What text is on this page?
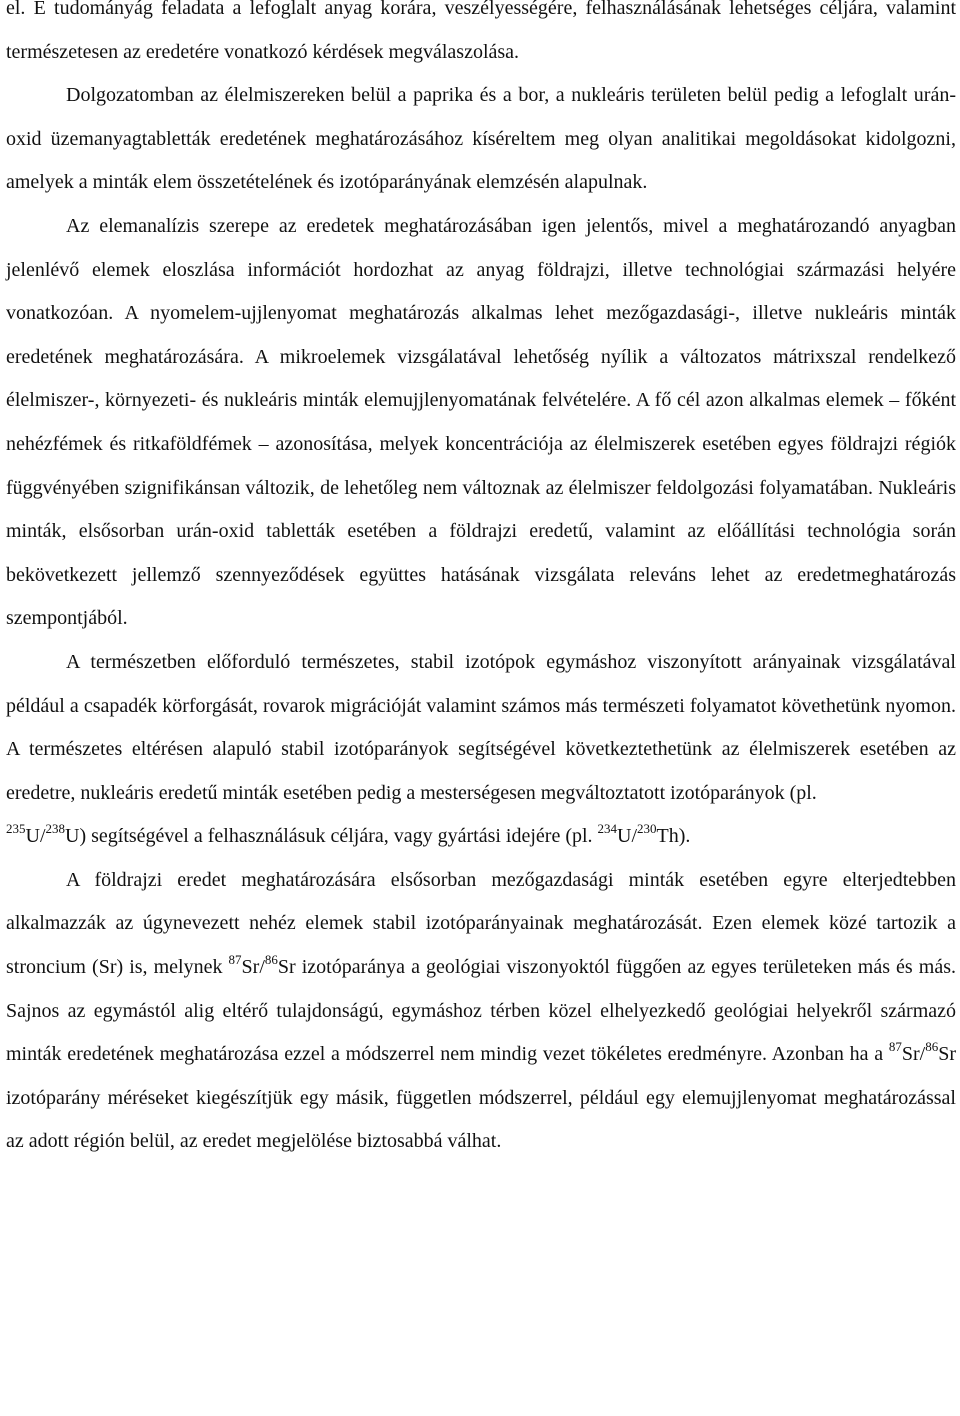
el. E tudományág feladata a lefoglalt anyag korára, veszélyességére, felhasználásának lehetséges céljára, valamint természetesen az eredetére vonatkozó kérdések megválaszolása.

Dolgozatomban az élelmiszereken belül a paprika és a bor, a nukleáris területen belül pedig a lefoglalt urán-oxid üzemanyagtabletták eredetének meghatározásához kíséreltem meg olyan analitikai megoldásokat kidolgozni, amelyek a minták elem összetételének és izotóparányának elemzésén alapulnak.

Az elemanalízis szerepe az eredetek meghatározásában igen jelentős, mivel a meghatározandó anyagban jelenlévő elemek eloszlása információt hordozhat az anyag földrajzi, illetve technológiai származási helyére vonatkozóan. A nyomelem-ujjlenyomat meghatározás alkalmas lehet mezőgazdasági-, illetve nukleáris minták eredetének meghatározására. A mikroelemek vizsgálatával lehetőség nyílik a változatos mátrixszal rendelkező élelmiszer-, környezeti- és nukleáris minták elemujjlenyomatának felvételére. A fő cél azon alkalmas elemek – főként nehézfémek és ritkaföldfémek – azonosítása, melyek koncentrációja az élelmiszerek esetében egyes földrajzi régiók függvényében szignifikánsan változik, de lehetőleg nem változnak az élelmiszer feldolgozási folyamatában. Nukleáris minták, elsősorban urán-oxid tabletták esetében a földrajzi eredetű, valamint az előállítási technológia során bekövetkezett jellemző szennyeződések együttes hatásának vizsgálata releváns lehet az eredetmeghatározás szempontjából.

A természetben előforduló természetes, stabil izotópok egymáshoz viszonyított arányainak vizsgálatával például a csapadék körforgását, rovarok migrációját valamint számos más természeti folyamatot követhetünk nyomon. A természetes eltérésen alapuló stabil izotóparányok segítségével következtethetünk az élelmiszerek esetében az eredetre, nukleáris eredetű minták esetében pedig a mesterségesen megváltoztatott izotóparányok (pl.
$^{235}$U/$^{238}$U) segítségével a felhasználásuk céljára, vagy gyártási idejére (pl. $^{234}$U/$^{230}$Th).

A földrajzi eredet meghatározására elsősorban mezőgazdasági minták esetében egyre elterjedtebben alkalmazzák az úgynevezett nehéz elemek stabil izotóparányainak meghatározását. Ezen elemek közé tartozik a stroncium (Sr) is, melynek $^{87}$Sr/$^{86}$Sr izotóparánya a geológiai viszonyoktól függően az egyes területeken más és más. Sajnos az egymástól alig eltérő tulajdonságú, egymáshoz térben közel elhelyezkedő geológiai helyekről származó minták eredetének meghatározása ezzel a módszerrel nem mindig vezet tökéletes eredményre. Azonban ha a $^{87}$Sr/$^{86}$Sr izotóparány méréseket kiegészítjük egy másik, független módszerrel, például egy elemujjlenyomat meghatározással az adott régión belül, az eredet megjelölése biztosabbá válhat.
